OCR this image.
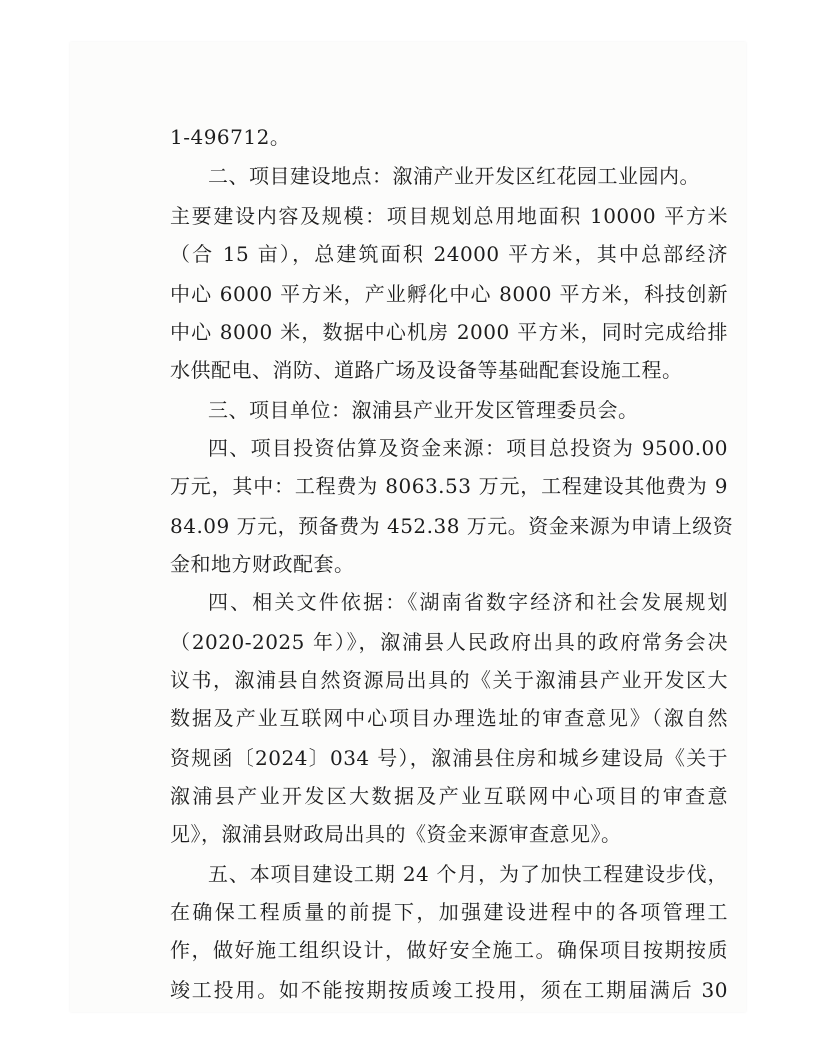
1-496712。
二、项目建设地点：溆浦产业开发区红花园工业园内。
主要建设内容及规模：项目规划总用地面积 10000 平方米
（合 15 亩），总建筑面积 24000 平方米，其中总部经济
中心 6000 平方米，产业孵化中心 8000 平方米，科技创新
中心 8000 米，数据中心机房 2000 平方米，同时完成给排
水供配电、消防、道路广场及设备等基础配套设施工程。
三、项目单位：溆浦县产业开发区管理委员会。
四、项目投资估算及资金来源：项目总投资为 9500.00
万元，其中：工程费为 8063.53 万元，工程建设其他费为 9
84.09 万元，预备费为 452.38 万元。资金来源为申请上级资
金和地方财政配套。
四、相关文件依据：《湖南省数字经济和社会发展规划
（2020-2025 年）》，溆浦县人民政府出具的政府常务会决
议书，溆浦县自然资源局出具的《关于溆浦县产业开发区大
数据及产业互联网中心项目办理选址的审查意见》（溆自然
资规函〔2024〕034 号），溆浦县住房和城乡建设局《关于
溆浦县产业开发区大数据及产业互联网中心项目的审查意
见》，溆浦县财政局出具的《资金来源审查意见》。
五、本项目建设工期 24 个月，为了加快工程建设步伐，
在确保工程质量的前提下，加强建设进程中的各项管理工
作，做好施工组织设计，做好安全施工。确保项目按期按质
竣工投用。如不能按期按质竣工投用，须在工期届满后 30
